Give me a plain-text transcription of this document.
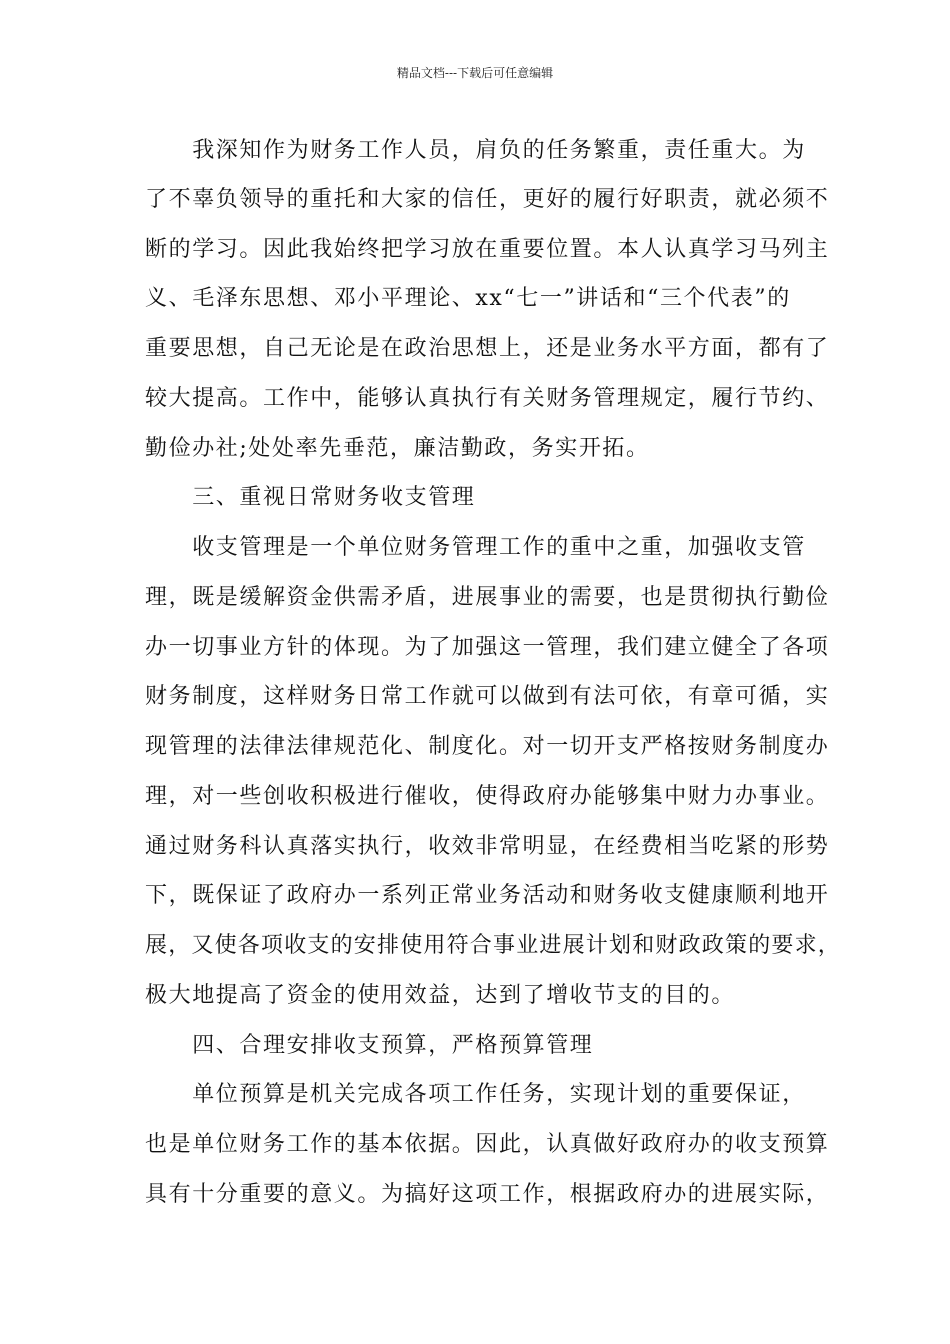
精品文档---下载后可任意编辑
　　我深知作为财务工作人员，肩负的任务繁重，责任重大。为
了不辜负领导的重托和大家的信任，更好的履行好职责，就必须不
断的学习。因此我始终把学习放在重要位置。本人认真学习马列主
义、毛泽东思想、邓小平理论、xx“七一”讲话和“三个代表”的
重要思想，自己无论是在政治思想上，还是业务水平方面，都有了
较大提高。工作中，能够认真执行有关财务管理规定，履行节约、
勤俭办社;处处率先垂范，廉洁勤政，务实开拓。
　　三、重视日常财务收支管理
　　收支管理是一个单位财务管理工作的重中之重，加强收支管
理，既是缓解资金供需矛盾，进展事业的需要，也是贯彻执行勤俭
办一切事业方针的体现。为了加强这一管理，我们建立健全了各项
财务制度，这样财务日常工作就可以做到有法可依，有章可循，实
现管理的法律法律规范化、制度化。对一切开支严格按财务制度办
理，对一些创收积极进行催收，使得政府办能够集中财力办事业。
通过财务科认真落实执行，收效非常明显，在经费相当吃紧的形势
下，既保证了政府办一系列正常业务活动和财务收支健康顺利地开
展，又使各项收支的安排使用符合事业进展计划和财政政策的要求，
极大地提高了资金的使用效益，达到了增收节支的目的。
　　四、合理安排收支预算，严格预算管理
　　单位预算是机关完成各项工作任务，实现计划的重要保证，
也是单位财务工作的基本依据。因此，认真做好政府办的收支预算
具有十分重要的意义。为搞好这项工作，根据政府办的进展实际，
